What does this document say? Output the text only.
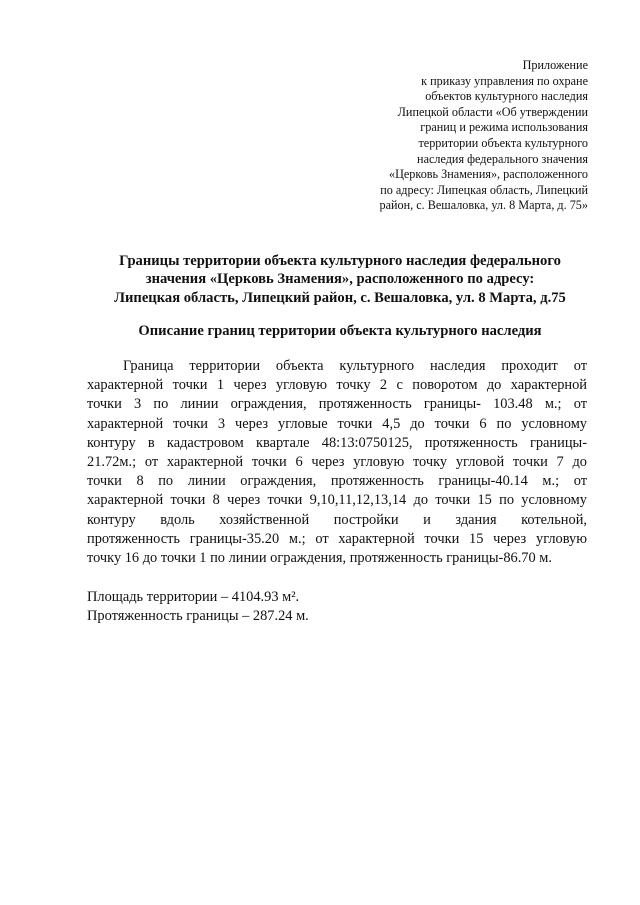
Приложение
к приказу управления по охране
объектов культурного наследия
Липецкой области «Об утверждении
границ и режима использования
территории объекта культурного
наследия федерального значения
«Церковь Знамения», расположенного
по адресу: Липецкая область, Липецкий
район, с. Вешаловка, ул. 8 Марта, д. 75»
Границы территории объекта культурного наследия федерального
значения «Церковь Знамения», расположенного по адресу:
Липецкая область, Липецкий район, с. Вешаловка, ул. 8 Марта, д.75
Описание границ территории объекта культурного наследия
Граница территории объекта культурного наследия проходит от
характерной точки 1 через угловую точку 2 с поворотом до характерной
точки 3 по линии ограждения, протяженность границы- 103.48 м.; от
характерной точки 3 через угловые точки 4,5 до точки 6 по условному
контуру в кадастровом квартале 48:13:0750125, протяженность границы-
21.72м.; от характерной точки 6 через угловую точку угловой точки 7 до
точки 8 по линии ограждения, протяженность границы-40.14 м.; от
характерной точки 8 через точки 9,10,11,12,13,14 до точки 15 по условному
контуру вдоль хозяйственной постройки и здания котельной,
протяженность границы-35.20 м.; от характерной точки 15 через угловую
точку 16 до точки 1 по линии ограждения, протяженность границы-86.70 м.
Площадь территории – 4104.93 м².
Протяженность границы – 287.24 м.
